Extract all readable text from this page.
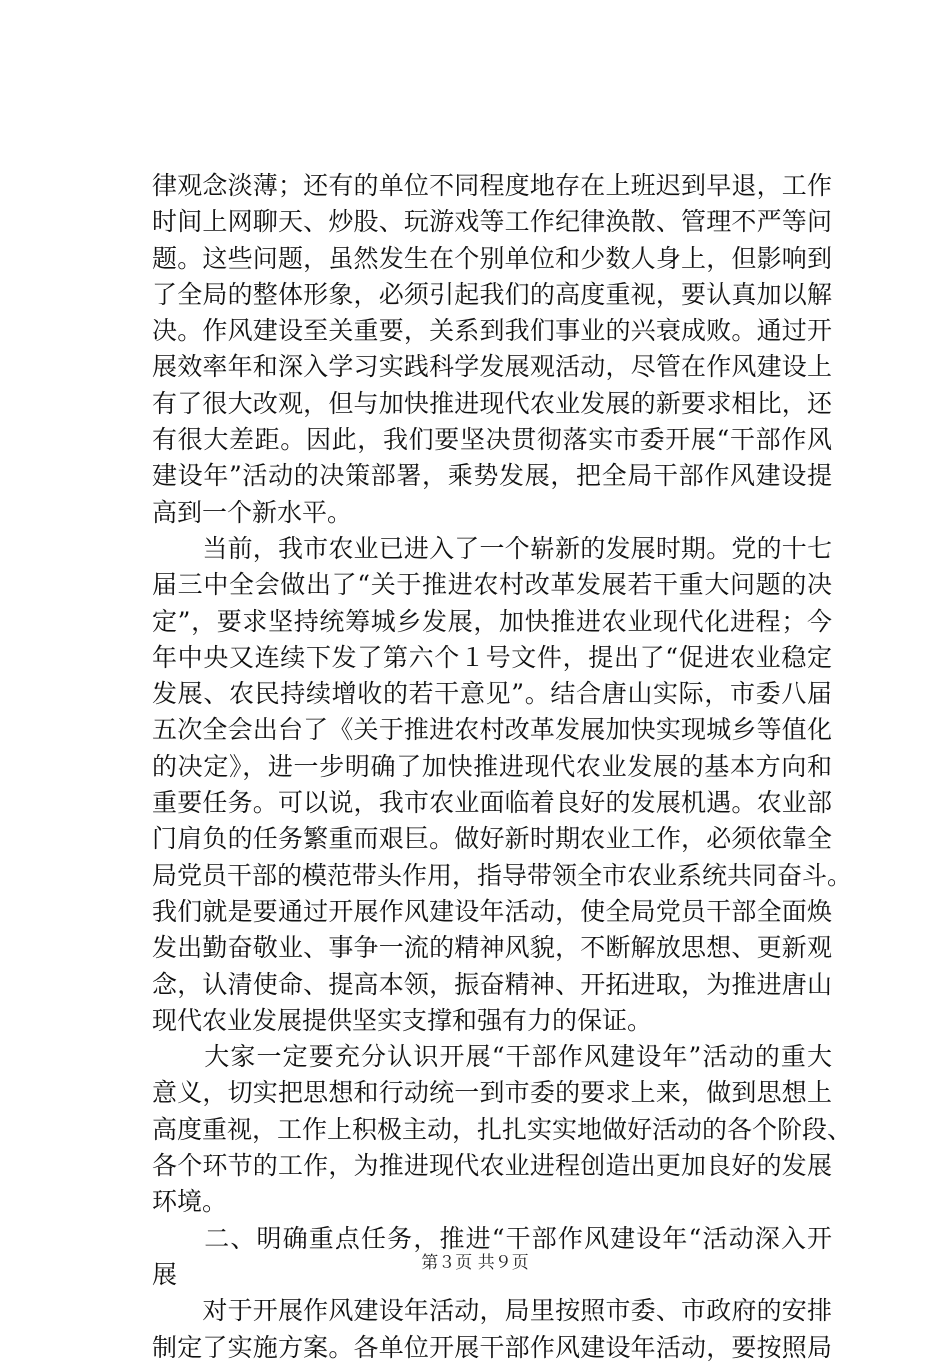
律观念淡薄；还有的单位不同程度地存在上班迟到早退，工作
时间上网聊天、炒股、玩游戏等工作纪律涣散、管理不严等问
题。这些问题，虽然发生在个别单位和少数人身上，但影响到
了全局的整体形象，必须引起我们的高度重视，要认真加以解
决。作风建设至关重要，关系到我们事业的兴衰成败。通过开
展效率年和深入学习实践科学发展观活动，尽管在作风建设上
有了很大改观，但与加快推进现代农业发展的新要求相比，还
有很大差距。因此，我们要坚决贯彻落实市委开展“干部作风
建设年”活动的决策部署，乘势发展，把全局干部作风建设提
高到一个新水平。
　　当前，我市农业已进入了一个崭新的发展时期。党的十七
届三中全会做出了“关于推进农村改革发展若干重大问题的决
定”，要求坚持统筹城乡发展，加快推进农业现代化进程；今
年中央又连续下发了第六个１号文件，提出了“促进农业稳定
发展、农民持续增收的若干意见”。结合唐山实际，市委八届
五次全会出台了《关于推进农村改革发展加快实现城乡等值化
的决定》，进一步明确了加快推进现代农业发展的基本方向和
重要任务。可以说，我市农业面临着良好的发展机遇。农业部
门肩负的任务繁重而艰巨。做好新时期农业工作，必须依靠全
局党员干部的模范带头作用，指导带领全市农业系统共同奋斗。
我们就是要通过开展作风建设年活动，使全局党员干部全面焕
发出勤奋敬业、事争一流的精神风貌，不断解放思想、更新观
念，认清使命、提高本领，振奋精神、开拓进取，为推进唐山
现代农业发展提供坚实支撑和强有力的保证。
　　大家一定要充分认识开展“干部作风建设年”活动的重大
意义，切实把思想和行动统一到市委的要求上来，做到思想上
高度重视，工作上积极主动，扎扎实实地做好活动的各个阶段、
各个环节的工作，为推进现代农业进程创造出更加良好的发展
环境。
　　二、明确重点任务，推进“干部作风建设年“活动深入开
展
　　对于开展作风建设年活动，局里按照市委、市政府的安排
制定了实施方案。各单位开展干部作风建设年活动，要按照局
第３页 共９页
